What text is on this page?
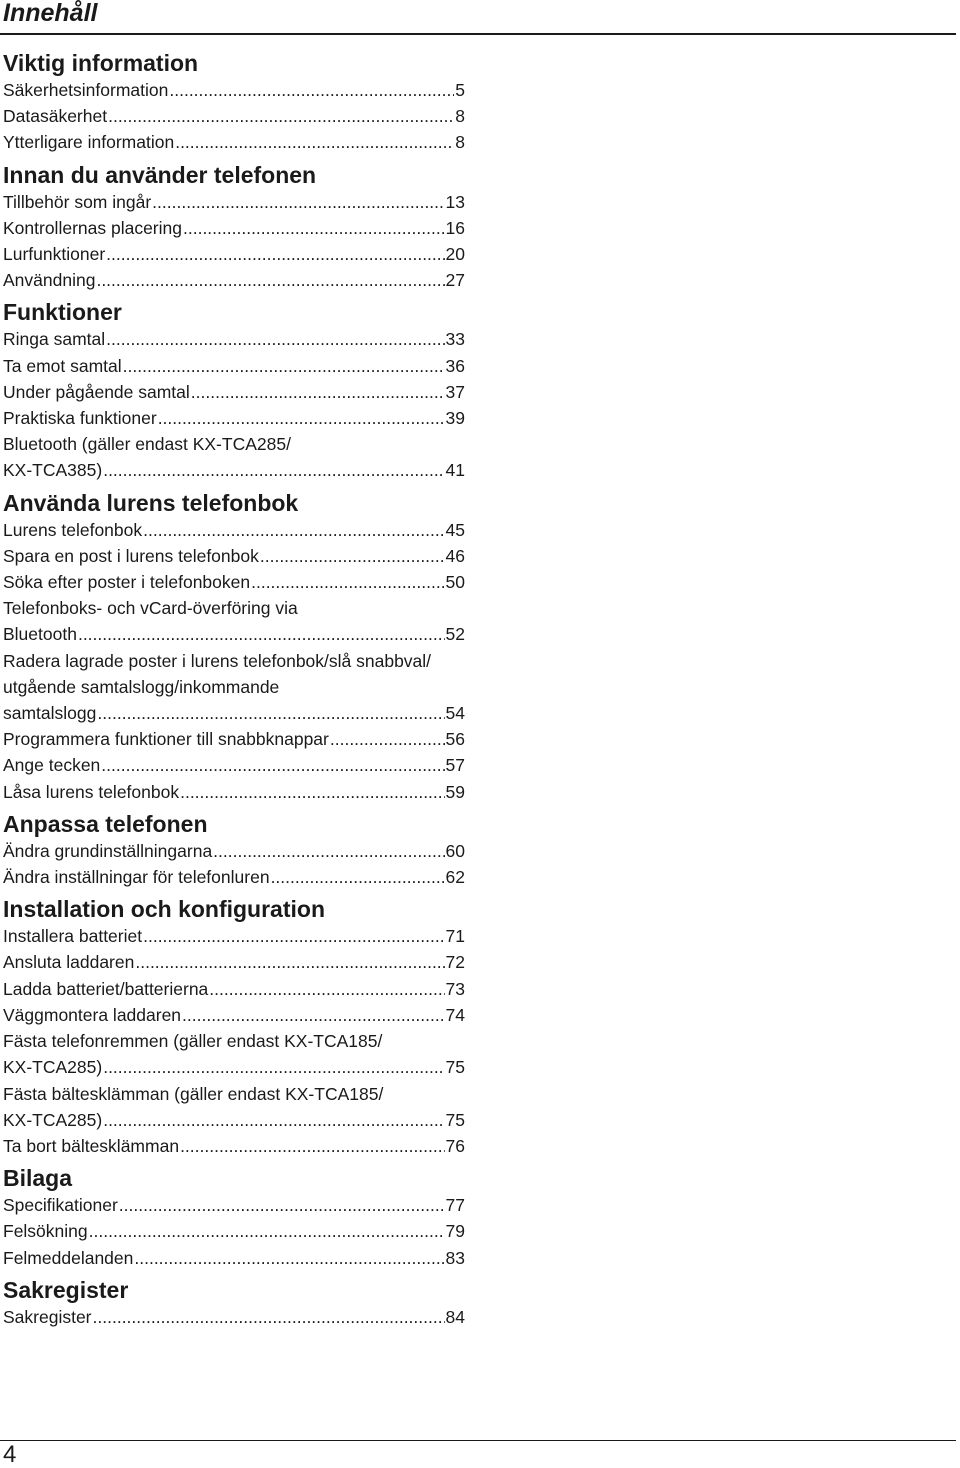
Innehåll
Viktig information
Säkerhetsinformation .....	5
Datasäkerhet .....	8
Ytterligare information .....	8
Innan du använder telefonen
Tillbehör som ingår .....	13
Kontrollernas placering .....	16
Lurfunktioner .....	20
Användning .....	27
Funktioner
Ringa samtal .....	33
Ta emot samtal .....	36
Under pågående samtal .....	37
Praktiska funktioner .....	39
Bluetooth (gäller endast KX-TCA285/
KX-TCA385) .....	41
Använda lurens telefonbok
Lurens telefonbok .....	45
Spara en post i lurens telefonbok .....	46
Söka efter poster i telefonboken .....	50
Telefonboks- och vCard-överföring via
Bluetooth .....	52
Radera lagrade poster i lurens telefonbok/slå snabbval/
utgående samtalslogg/inkommande
samtalslogg .....	54
Programmera funktioner till snabbknappar .....	56
Ange tecken .....	57
Låsa lurens telefonbok .....	59
Anpassa telefonen
Ändra grundinställningarna .....	60
Ändra inställningar för telefonluren .....	62
Installation och konfiguration
Installera batteriet .....	71
Ansluta laddaren .....	72
Ladda batteriet/batterierna .....	73
Väggmontera laddaren .....	74
Fästa telefonremmen (gäller endast KX-TCA185/
KX-TCA285) .....	75
Fästa bältesklämman (gäller endast KX-TCA185/
KX-TCA285) .....	75
Ta bort bältesklämman .....	76
Bilaga
Specifikationer .....	77
Felsökning .....	79
Felmeddelanden .....	83
Sakregister
Sakregister .....	84
4
